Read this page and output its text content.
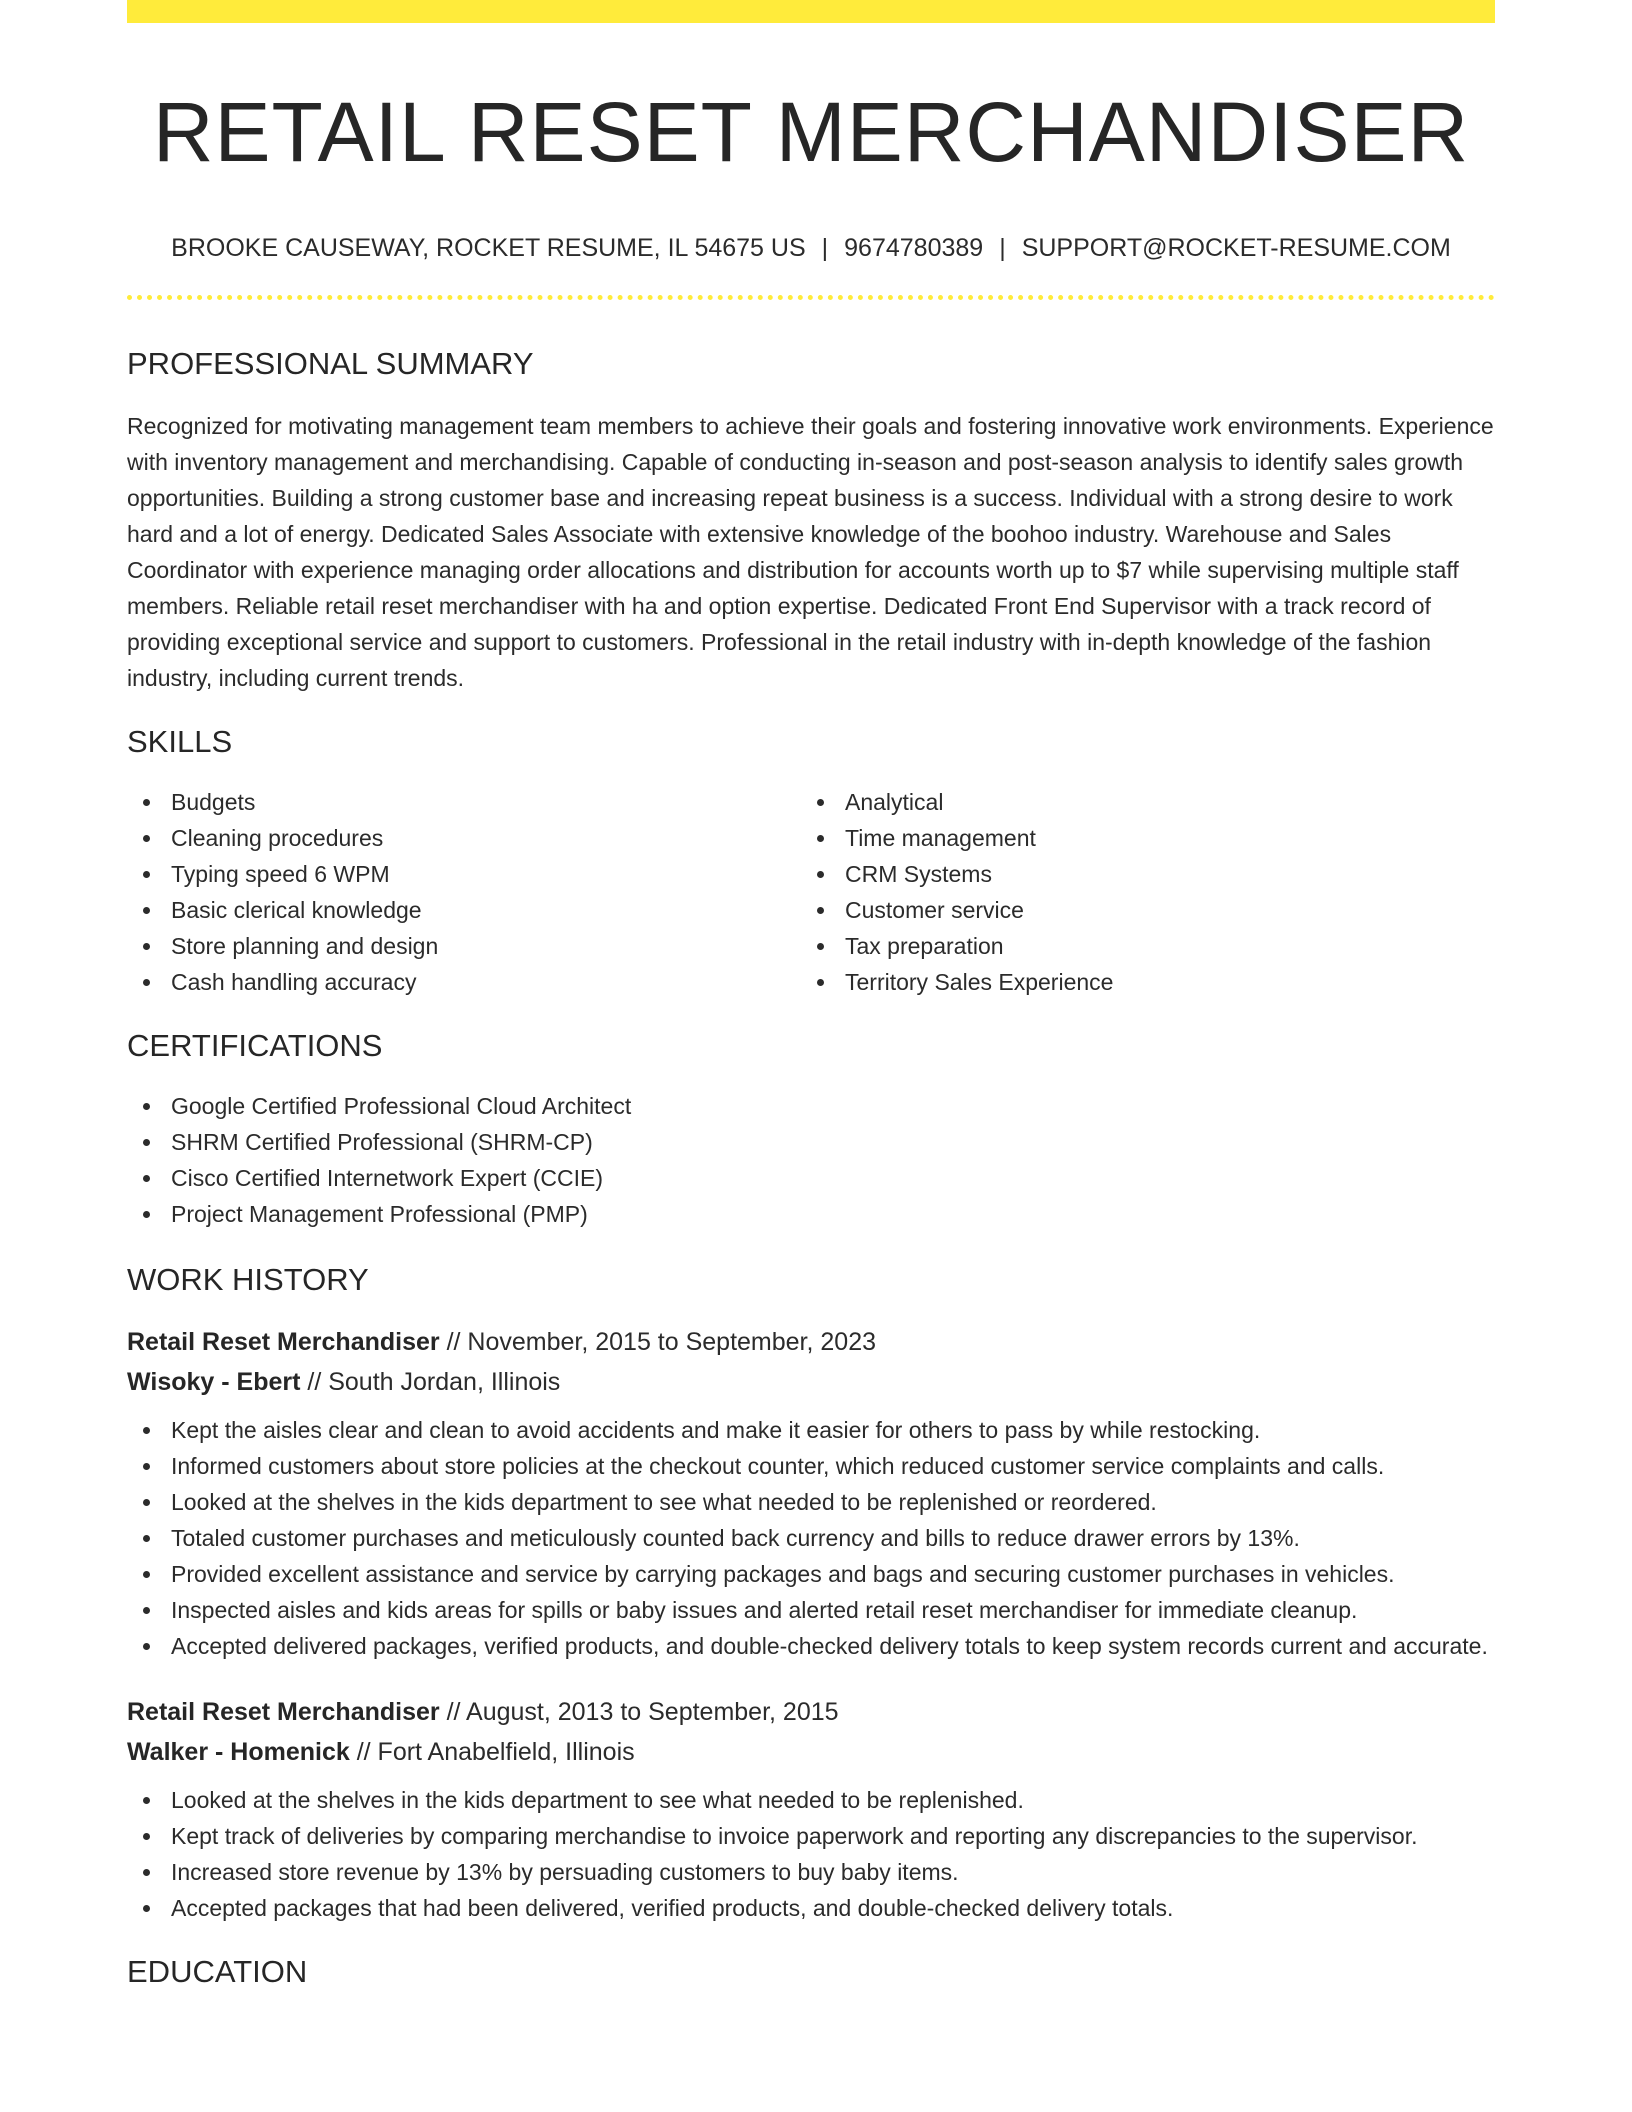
RETAIL RESET MERCHANDISER
BROOKE CAUSEWAY, ROCKET RESUME, IL 54675 US | 9674780389 | SUPPORT@ROCKET-RESUME.COM
PROFESSIONAL SUMMARY

Recognized for motivating management team members to achieve their goals and fostering innovative work environments. Experience with inventory management and merchandising. Capable of conducting in-season and post-season analysis to identify sales growth opportunities. Building a strong customer base and increasing repeat business is a success. Individual with a strong desire to work hard and a lot of energy. Dedicated Sales Associate with extensive knowledge of the boohoo industry. Warehouse and Sales Coordinator with experience managing order allocations and distribution for accounts worth up to $7 while supervising multiple staff members. Reliable retail reset merchandiser with ha and option expertise. Dedicated Front End Supervisor with a track record of providing exceptional service and support to customers. Professional in the retail industry with in-depth knowledge of the fashion industry, including current trends.

SKILLS
Budgets
Cleaning procedures
Typing speed 6 WPM
Basic clerical knowledge
Store planning and design
Cash handling accuracy
Analytical
Time management
CRM Systems
Customer service
Tax preparation
Territory Sales Experience
CERTIFICATIONS
Google Certified Professional Cloud Architect
SHRM Certified Professional (SHRM-CP)
Cisco Certified Internetwork Expert (CCIE)
Project Management Professional (PMP)
WORK HISTORY
Retail Reset Merchandiser // November, 2015 to September, 2023
Wisoky - Ebert // South Jordan, Illinois
Kept the aisles clear and clean to avoid accidents and make it easier for others to pass by while restocking.
Informed customers about store policies at the checkout counter, which reduced customer service complaints and calls.
Looked at the shelves in the kids department to see what needed to be replenished or reordered.
Totaled customer purchases and meticulously counted back currency and bills to reduce drawer errors by 13%.
Provided excellent assistance and service by carrying packages and bags and securing customer purchases in vehicles.
Inspected aisles and kids areas for spills or baby issues and alerted retail reset merchandiser for immediate cleanup.
Accepted delivered packages, verified products, and double-checked delivery totals to keep system records current and accurate.
Retail Reset Merchandiser // August, 2013 to September, 2015
Walker - Homenick // Fort Anabelfield, Illinois
Looked at the shelves in the kids department to see what needed to be replenished.
Kept track of deliveries by comparing merchandise to invoice paperwork and reporting any discrepancies to the supervisor.
Increased store revenue by 13% by persuading customers to buy baby items.
Accepted packages that had been delivered, verified products, and double-checked delivery totals.
EDUCATION
